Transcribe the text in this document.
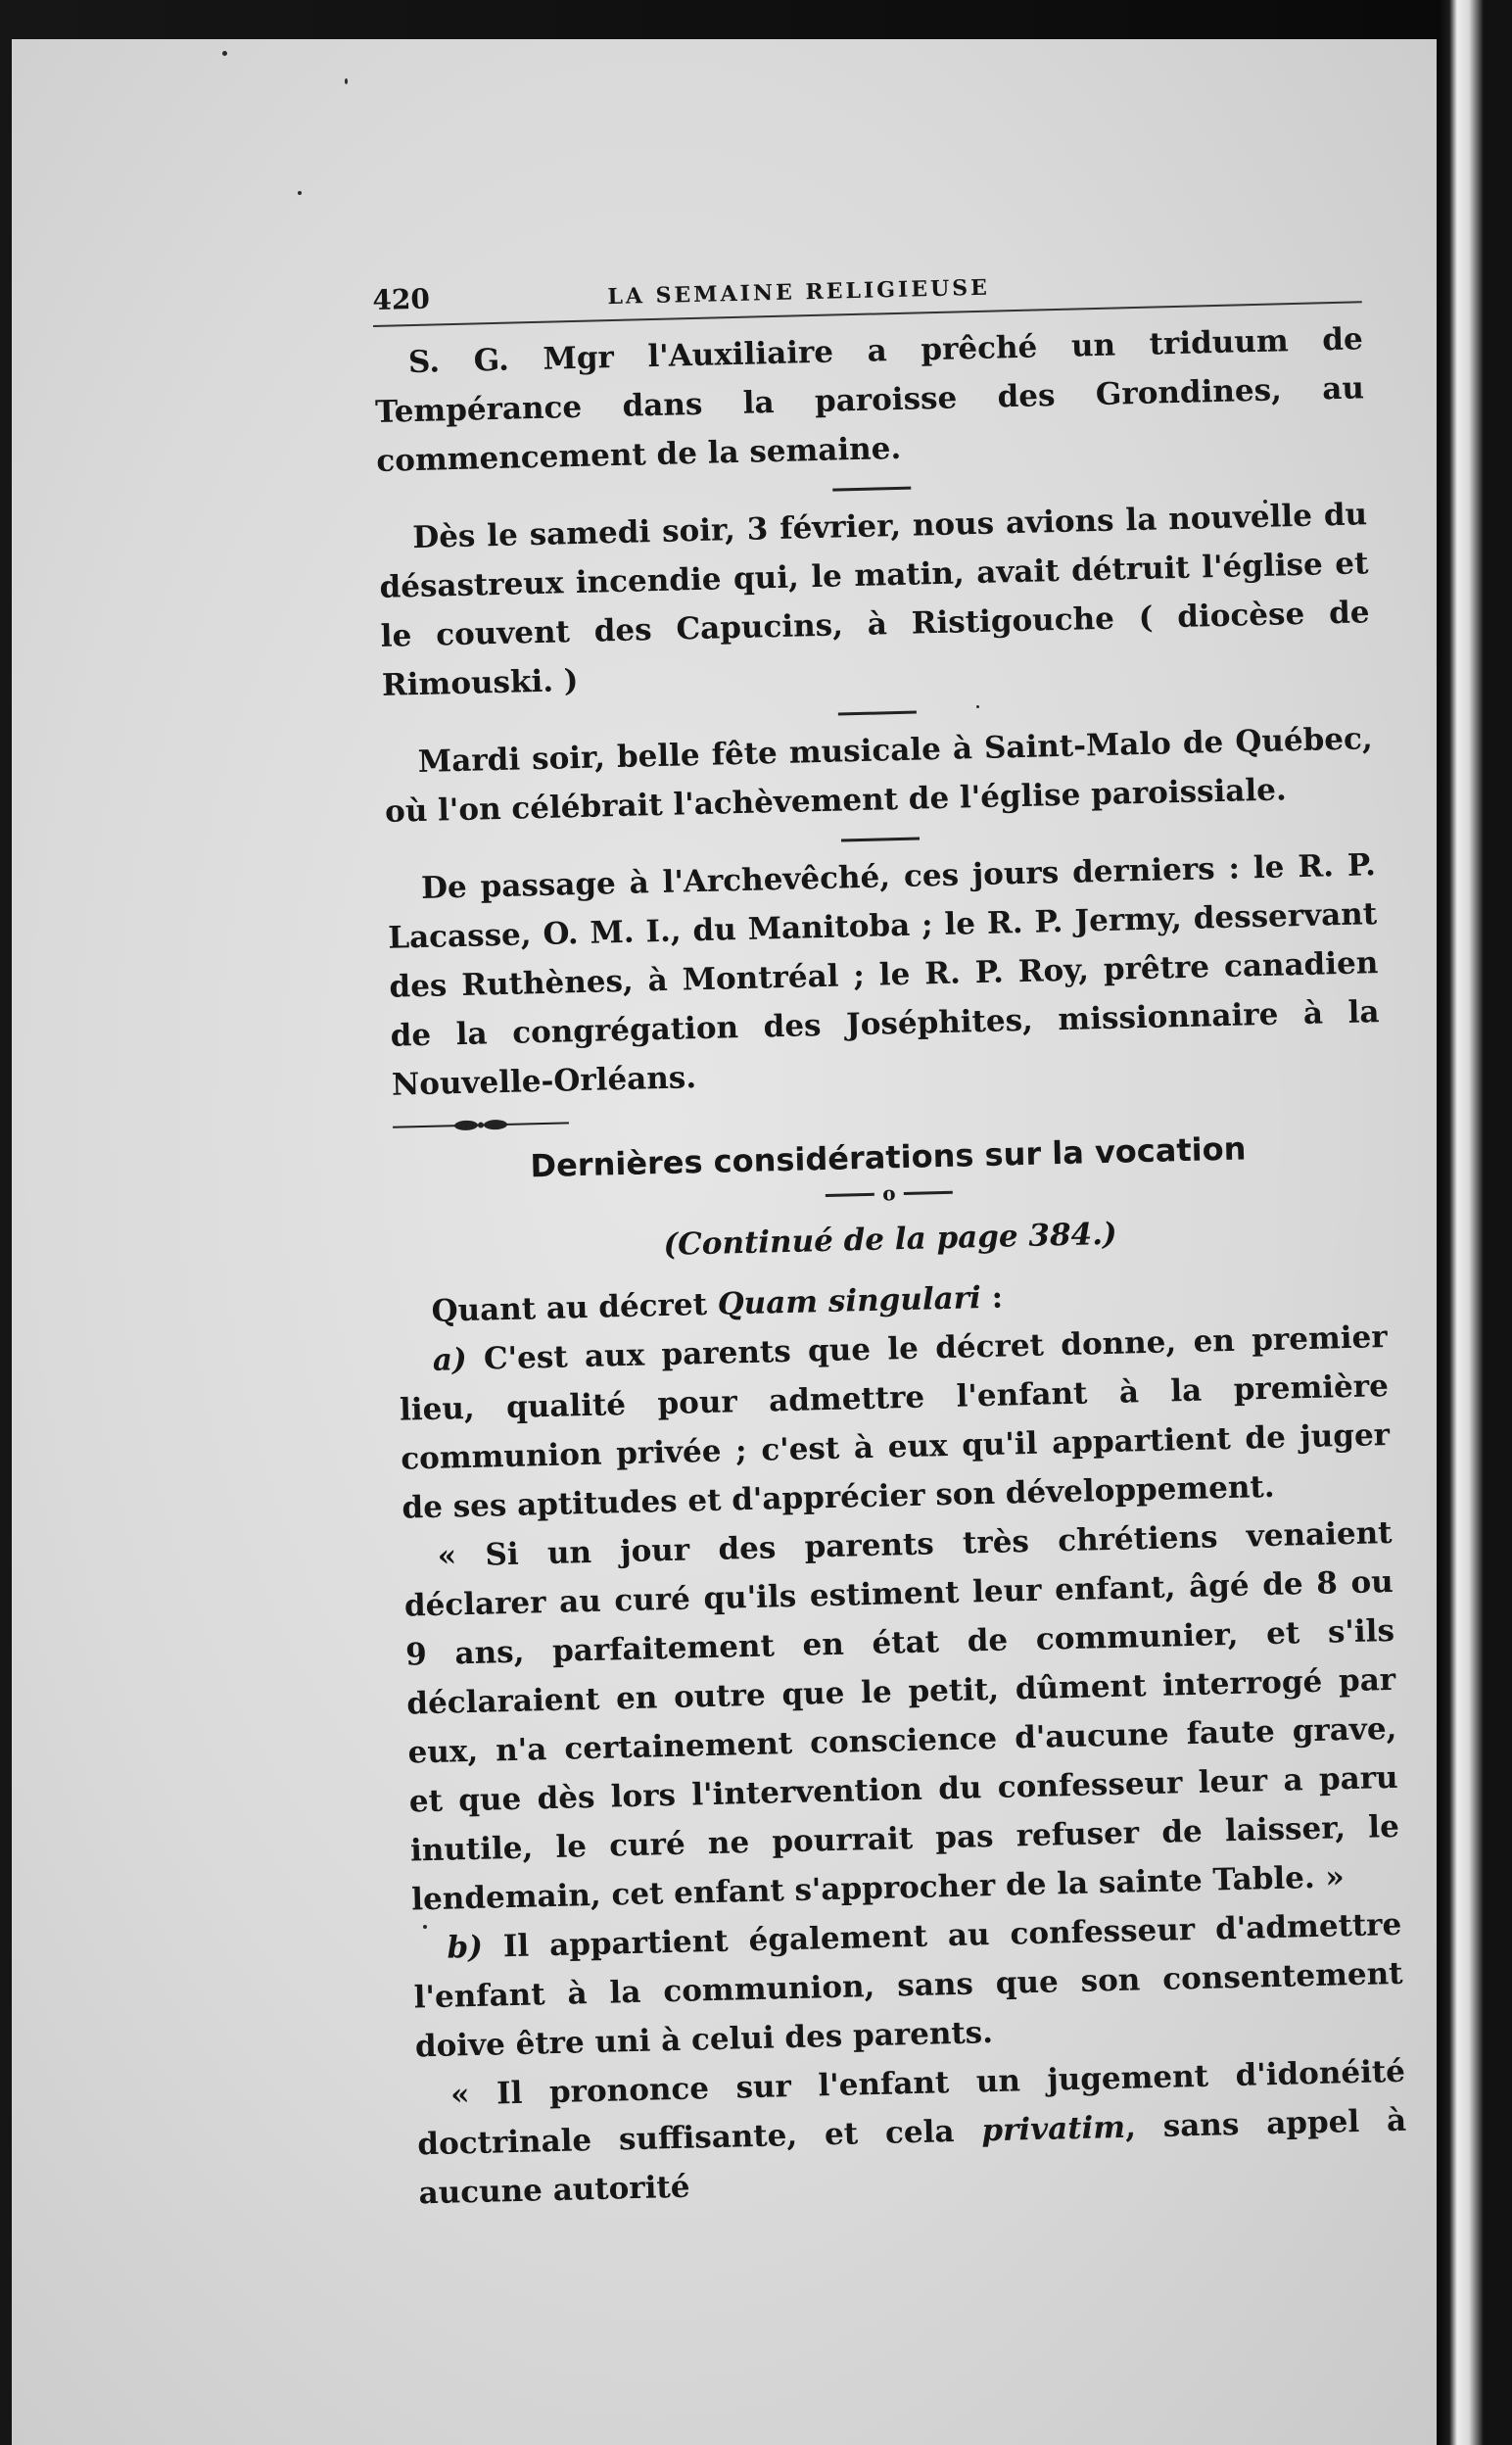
420	LA SEMAINE RELIGIEUSE

S. G. Mgr l'Auxiliaire a prêché un triduum de Tempérance dans la paroisse des Grondines, au commencement de la semaine.

Dès le samedi soir, 3 février, nous avions la nouvelle du désastreux incendie qui, le matin, avait détruit l'église et le couvent des Capucins, à Ristigouche ( diocèse de Rimouski. )

Mardi soir, belle fête musicale à Saint-Malo de Québec, où l'on célébrait l'achèvement de l'église paroissiale.

De passage à l'Archevêché, ces jours derniers : le R. P. Lacasse, O. M. I., du Manitoba ; le R. P. Jermy, desservant des Ruthènes, à Montréal ; le R. P. Roy, prêtre canadien de la congrégation des Joséphites, missionnaire à la Nouvelle-Orléans.

Dernières considérations sur la vocation
o
(Continué de la page 384.)

Quant au décret Quam singulari :

a) C'est aux parents que le décret donne, en premier lieu, qualité pour admettre l'enfant à la première communion privée ; c'est à eux qu'il appartient de juger de ses aptitudes et d'apprécier son développement.

« Si un jour des parents très chrétiens venaient déclarer au curé qu'ils estiment leur enfant, âgé de 8 ou 9 ans, parfaitement en état de communier, et s'ils déclaraient en outre que le petit, dûment interrogé par eux, n'a certainement conscience d'aucune faute grave, et que dès lors l'intervention du confesseur leur a paru inutile, le curé ne pourrait pas refuser de laisser, le lendemain, cet enfant s'approcher de la sainte Table. »

b) Il appartient également au confesseur d'admettre l'enfant à la communion, sans que son consentement doive être uni à celui des parents.

« Il prononce sur l'enfant un jugement d'idonéité doctrinale suffisante, et cela privatim, sans appel à aucune autorité
